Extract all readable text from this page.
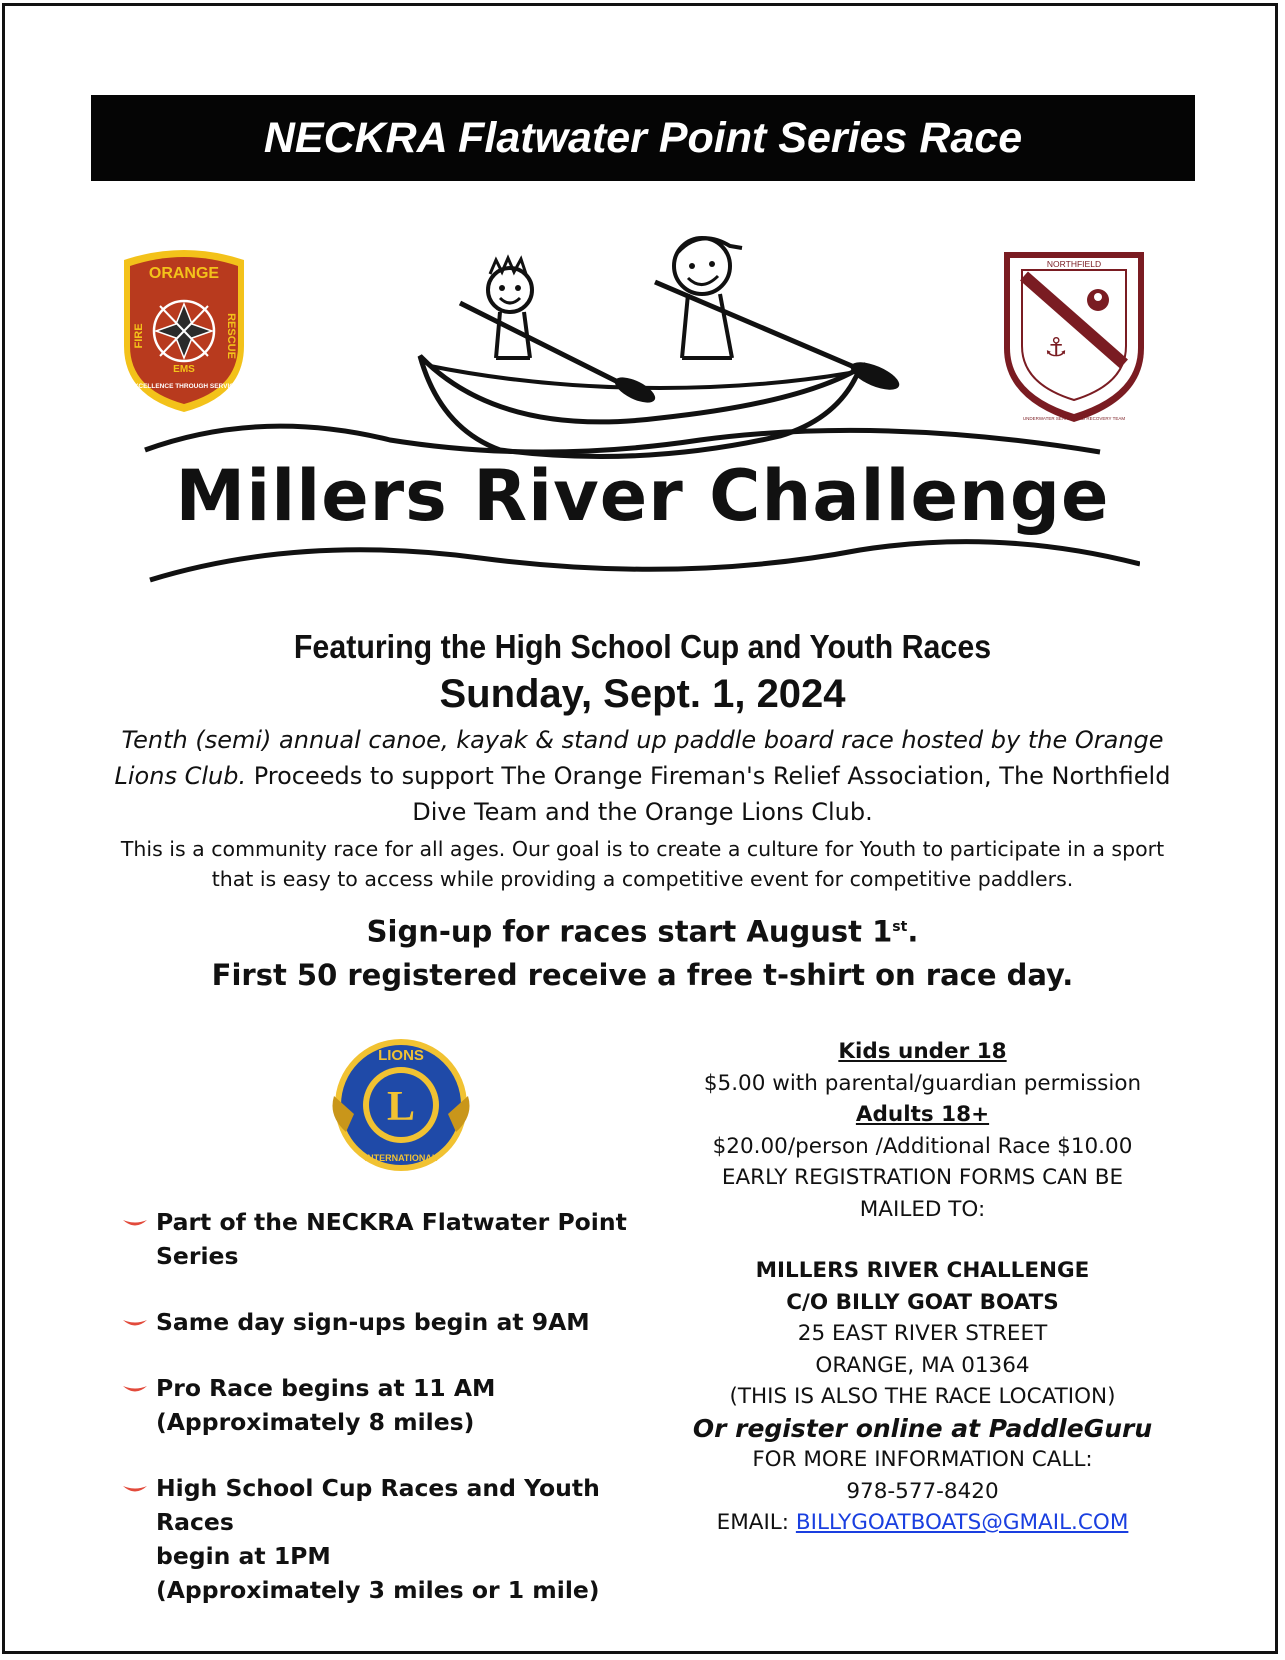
NECKRA Flatwater Point Series Race
ORANGE
FIRE	RESCUE
EMS
EXCELLENCE THROUGH SERVICE
NORTHFIELD
⚓
UNDERWATER SEARCH AND RECOVERY TEAM
Millers River Challenge
Featuring the High School Cup and Youth Races
Sunday, Sept. 1, 2024
Tenth (semi) annual canoe, kayak & stand up paddle board race hosted by the Orange Lions Club. Proceeds to support The Orange Fireman's Relief Association, The Northfield Dive Team and the Orange Lions Club.
This is a community race for all ages. Our goal is to create a culture for Youth to participate in a sport that is easy to access while providing a competitive event for competitive paddlers.
Sign-up for races start August 1st.
First 50 registered receive a free t-shirt on race day.
L
LIONS
INTERNATIONAL
Part of the NECKRA Flatwater Point Series
Same day sign-ups begin at 9AM
Pro Race begins at 11 AM
(Approximately 8 miles)
High School Cup Races and Youth Races
begin at 1PM
(Approximately 3 miles or 1 mile)
Kids under 18
$5.00 with parental/guardian permission
Adults 18+
$20.00/person /Additional Race $10.00
EARLY REGISTRATION FORMS CAN BE MAILED TO:
MILLERS RIVER CHALLENGE
C/O BILLY GOAT BOATS
25 EAST RIVER STREET
ORANGE, MA 01364
(THIS IS ALSO THE RACE LOCATION)
Or register online at PaddleGuru
FOR MORE INFORMATION CALL:
978-577-8420
EMAIL: BILLYGOATBOATS@GMAIL.COM
